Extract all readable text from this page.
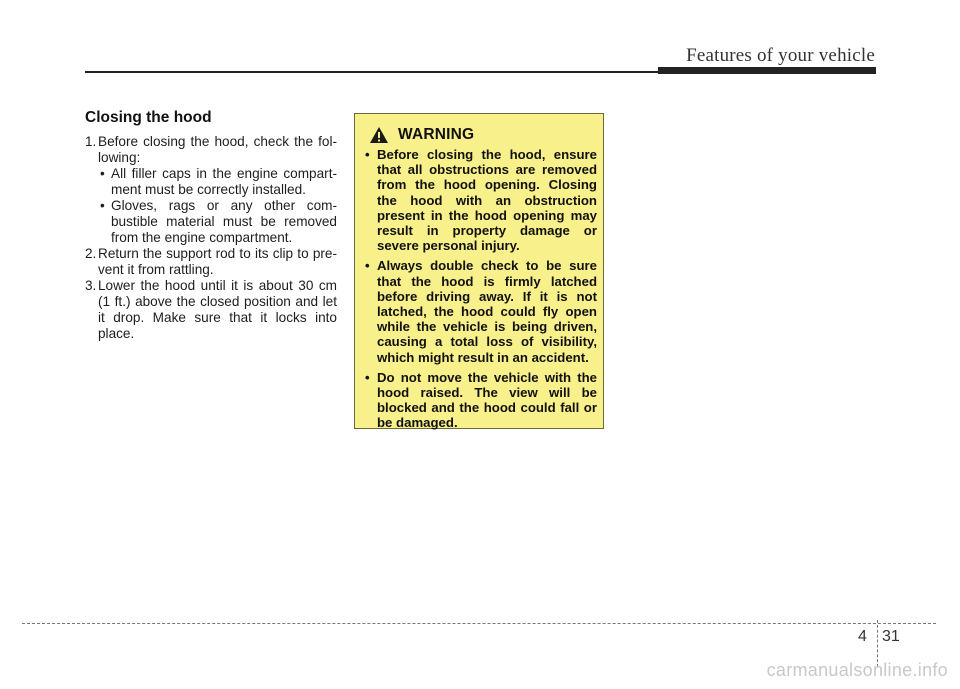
Features of your vehicle
Closing the hood
1. Before closing the hood, check the fol-lowing:
• All filler caps in the engine compart-ment must be correctly installed.
• Gloves, rags or any other com-bustible material must be removed from the engine compartment.
2. Return the support rod to its clip to pre-vent it from rattling.
3. Lower the hood until it is about 30 cm (1 ft.) above the closed position and let it drop. Make sure that it locks into place.
WARNING
• Before closing the hood, ensure that all obstructions are removed from the hood opening. Closing the hood with an obstruction present in the hood opening may result in property damage or severe personal injury.
• Always double check to be sure that the hood is firmly latched before driving away. If it is not latched, the hood could fly open while the vehicle is being driven, causing a total loss of visibility, which might result in an accident.
• Do not move the vehicle with the hood raised. The view will be blocked and the hood could fall or be damaged.
4 31
carmanualsonline.info
